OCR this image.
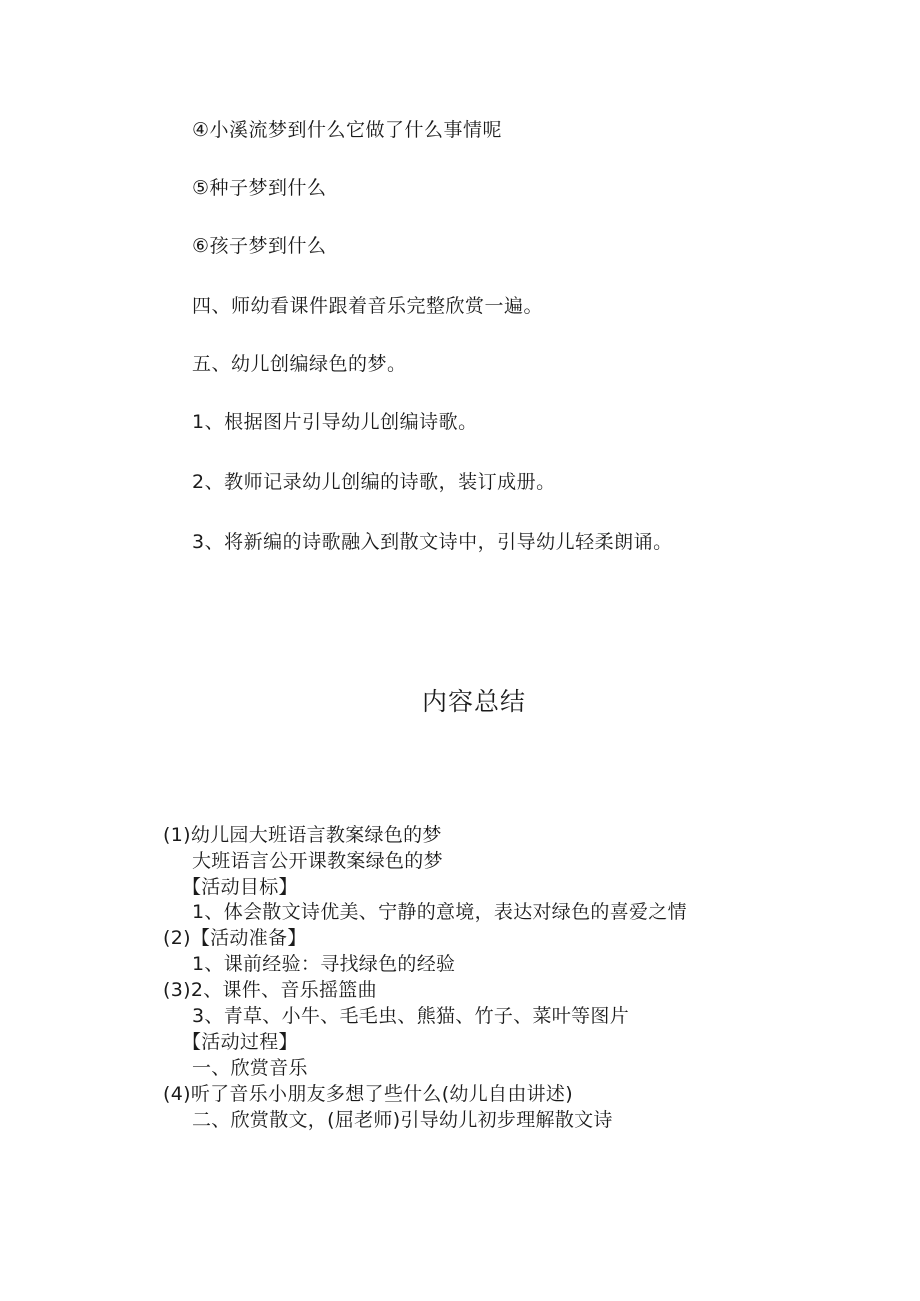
④小溪流梦到什么它做了什么事情呢
⑤种子梦到什么
⑥孩子梦到什么
四、师幼看课件跟着音乐完整欣赏一遍。
五、幼儿创编绿色的梦。
1、根据图片引导幼儿创编诗歌。
2、教师记录幼儿创编的诗歌，装订成册。
3、将新编的诗歌融入到散文诗中，引导幼儿轻柔朗诵。
内容总结
(1)幼儿园大班语言教案绿色的梦
大班语言公开课教案绿色的梦
【活动目标】
1、体会散文诗优美、宁静的意境，表达对绿色的喜爱之情
(2)【活动准备】
1、课前经验：寻找绿色的经验
(3)2、课件、音乐摇篮曲
3、青草、小牛、毛毛虫、熊猫、竹子、菜叶等图片
【活动过程】
一、欣赏音乐
(4)听了音乐小朋友多想了些什么(幼儿自由讲述)
二、欣赏散文，(屈老师)引导幼儿初步理解散文诗
